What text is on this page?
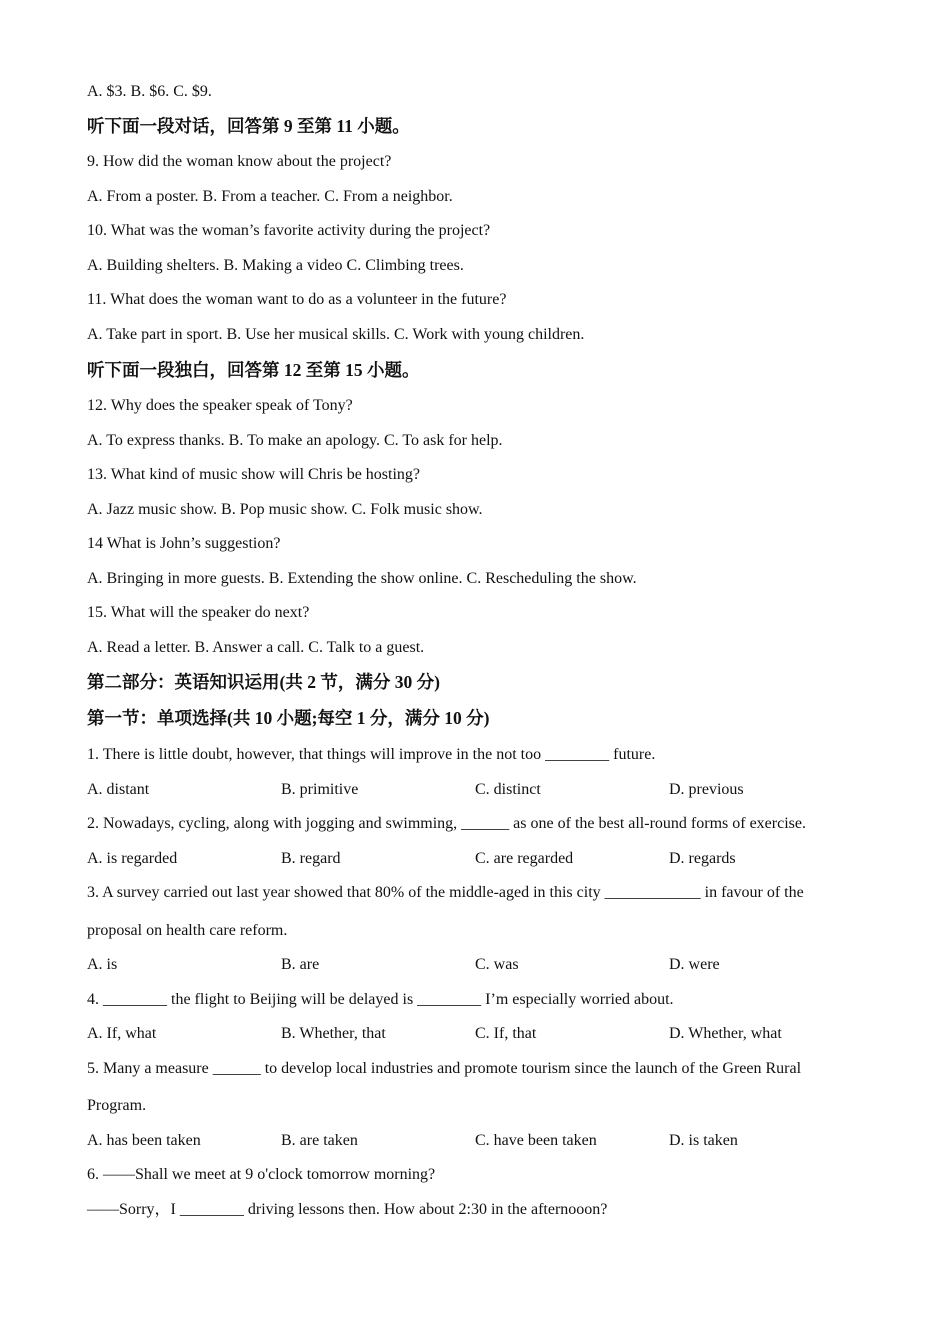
A. $3. B. $6. C. $9.
听下面一段对话，回答第 9 至第 11 小题。
9. How did the woman know about the project?
A. From a poster. B. From a teacher. C. From a neighbor.
10. What was the woman’s favorite activity during the project?
A. Building shelters. B. Making a video C. Climbing trees.
11. What does the woman want to do as a volunteer in the future?
A. Take part in sport. B. Use her musical skills. C. Work with young children.
听下面一段独白，回答第 12 至第 15 小题。
12. Why does the speaker speak of Tony?
A. To express thanks. B. To make an apology. C. To ask for help.
13. What kind of music show will Chris be hosting?
A. Jazz music show. B. Pop music show. C. Folk music show.
14 What is John’s suggestion?
A. Bringing in more guests. B. Extending the show online. C. Rescheduling the show.
15. What will the speaker do next?
A. Read a letter. B. Answer a call. C. Talk to a guest.
第二部分：英语知识运用(共 2 节，满分 30 分)
第一节：单项选择(共 10 小题;每空 1 分，满分 10 分)
1. There is little doubt, however, that things will improve in the not too ________ future.
A. distant	B. primitive	C. distinct	D. previous
2. Nowadays, cycling, along with jogging and swimming, ______ as one of the best all-round forms of exercise.
A. is regarded	B. regard	C. are regarded	D. regards
3. A survey carried out last year showed that 80% of the middle-aged in this city ____________ in favour of the
proposal on health care reform.
A. is	B. are	C. was	D. were
4. ________ the flight to Beijing will be delayed is ________ I’m especially worried about.
A. If, what	B. Whether, that	C. If, that	D. Whether, what
5. Many a measure ______ to develop local industries and promote tourism since the launch of the Green Rural
Program.
A. has been taken	B. are taken	C. have been taken	D. is taken
6. ——Shall we meet at 9 o'clock tomorrow morning?
——Sorry，I ________ driving lessons then. How about 2:30 in the afternooon?
